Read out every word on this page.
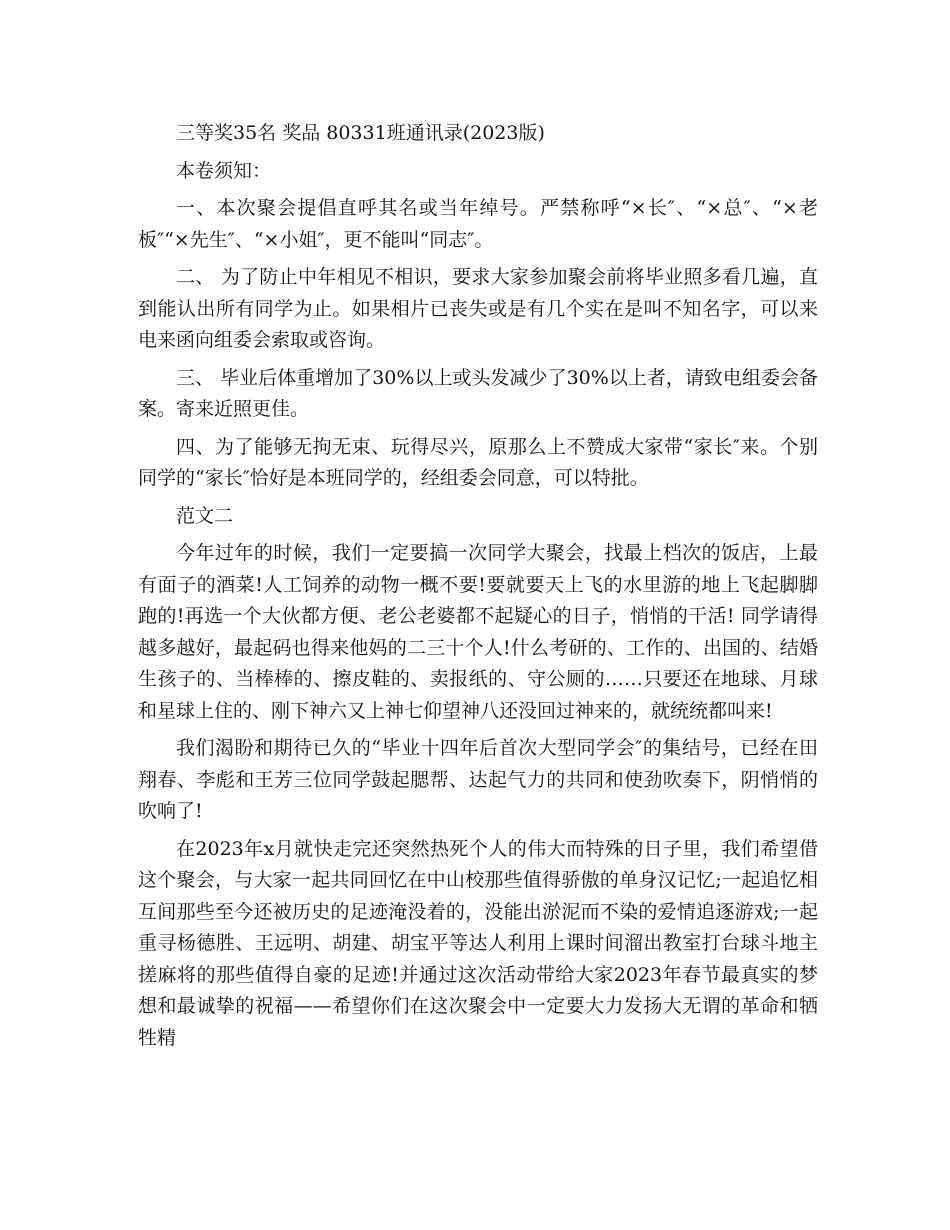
三等奖35名 奖品 80331班通讯录(2023版)

本卷须知：

一、本次聚会提倡直呼其名或当年绰号。严禁称呼“×长″、“×总″、“×老板″“×先生″、“×小姐″，更不能叫“同志″。

二、 为了防止中年相见不相识，要求大家参加聚会前将毕业照多看几遍，直到能认出所有同学为止。如果相片已丧失或是有几个实在是叫不知名字，可以来电来函向组委会索取或咨询。

三、 毕业后体重增加了30%以上或头发减少了30%以上者，请致电组委会备案。寄来近照更佳。

四、为了能够无拘无束、玩得尽兴，原那么上不赞成大家带“家长″来。个别同学的“家长″恰好是本班同学的，经组委会同意，可以特批。

范文二

今年过年的时候，我们一定要搞一次同学大聚会，找最上档次的饭店，上最有面子的酒菜!人工饲养的动物一概不要!要就要天上飞的水里游的地上飞起脚脚跑的!再选一个大伙都方便、老公老婆都不起疑心的日子，悄悄的干活! 同学请得越多越好，最起码也得来他妈的二三十个人!什么考研的、工作的、出国的、结婚生孩子的、当棒棒的、擦皮鞋的、卖报纸的、守公厕的……只要还在地球、月球和星球上住的、刚下神六又上神七仰望神八还没回过神来的，就统统都叫来!

我们渴盼和期待已久的“毕业十四年后首次大型同学会″的集结号，已经在田翔春、李彪和王芳三位同学鼓起腮帮、达起气力的共同和使劲吹奏下，阴悄悄的吹响了!

在2023年x月就快走完还突然热死个人的伟大而特殊的日子里，我们希望借这个聚会，与大家一起共同回忆在中山校那些值得骄傲的单身汉记忆;一起追忆相互间那些至今还被历史的足迹淹没着的，没能出淤泥而不染的爱情追逐游戏;一起重寻杨德胜、王远明、胡建、胡宝平等达人利用上课时间溜出教室打台球斗地主搓麻将的那些值得自豪的足迹!并通过这次活动带给大家2023年春节最真实的梦想和最诚挚的祝福——希望你们在这次聚会中一定要大力发扬大无谓的革命和牺牲精
